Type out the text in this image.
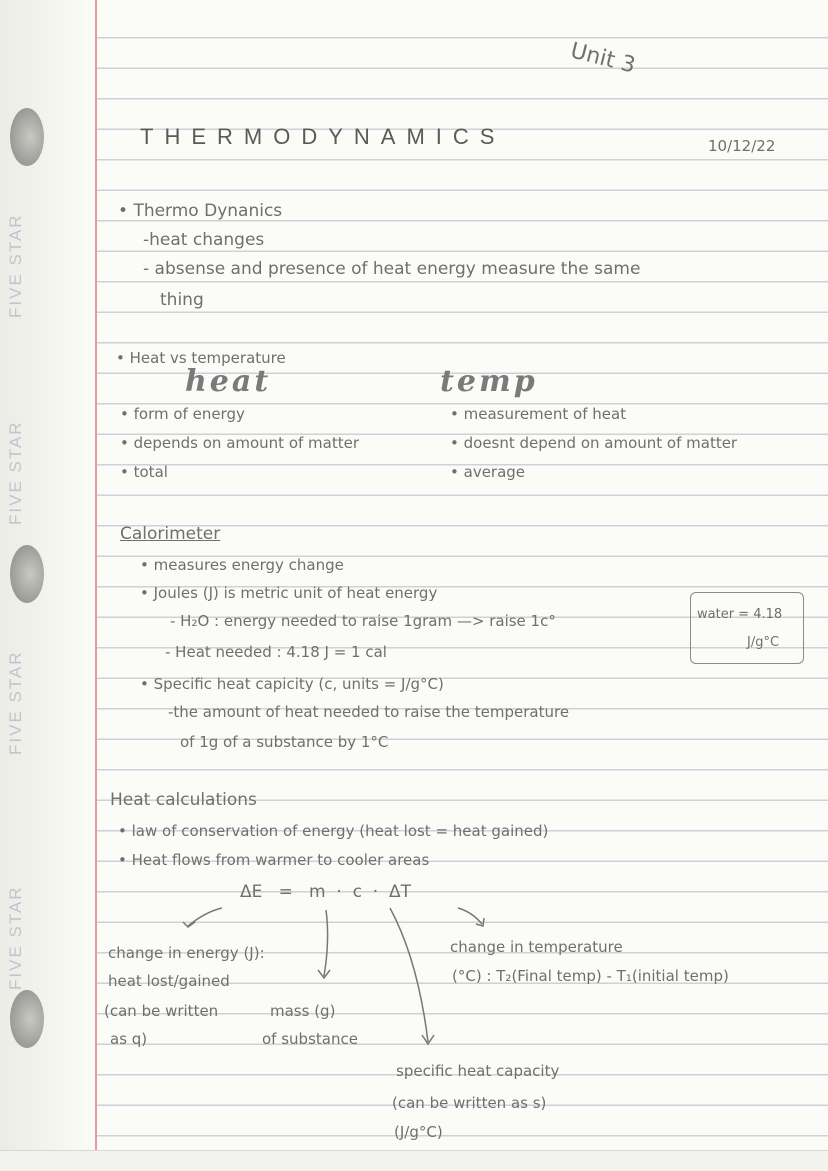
Unit 3
10/12/22
THERMODYNAMICS
• Thermo Dynanics
-heat changes
- absense and presence of heat energy measure the same
thing
• Heat vs temperature
heat	temp
• form of energy
• depends on amount of matter
• total
• measurement of heat
• doesnt depend on amount of matter
• average
Calorimeter
• measures energy change
• Joules (J) is metric unit of heat energy
- H₂O : energy needed to raise 1gram —> raise 1c°
- Heat needed : 4.18 J = 1 cal
• Specific heat capicity (c, units = J/g°C)
-the amount of heat needed to raise the temperature
of 1g of a substance by 1°C
water = 4.18
J/g°C
Heat calculations
• law of conservation of energy (heat lost = heat gained)
• Heat flows from warmer to cooler areas
ΔE   =   m  ·  c  ·  ΔT
change in energy (J):
heat lost/gained
(can be written
as q)
mass (g)
of substance
change in temperature
(°C) : T₂(Final temp) - T₁(initial temp)
specific heat capacity
(can be written as s)
(J/g°C)
